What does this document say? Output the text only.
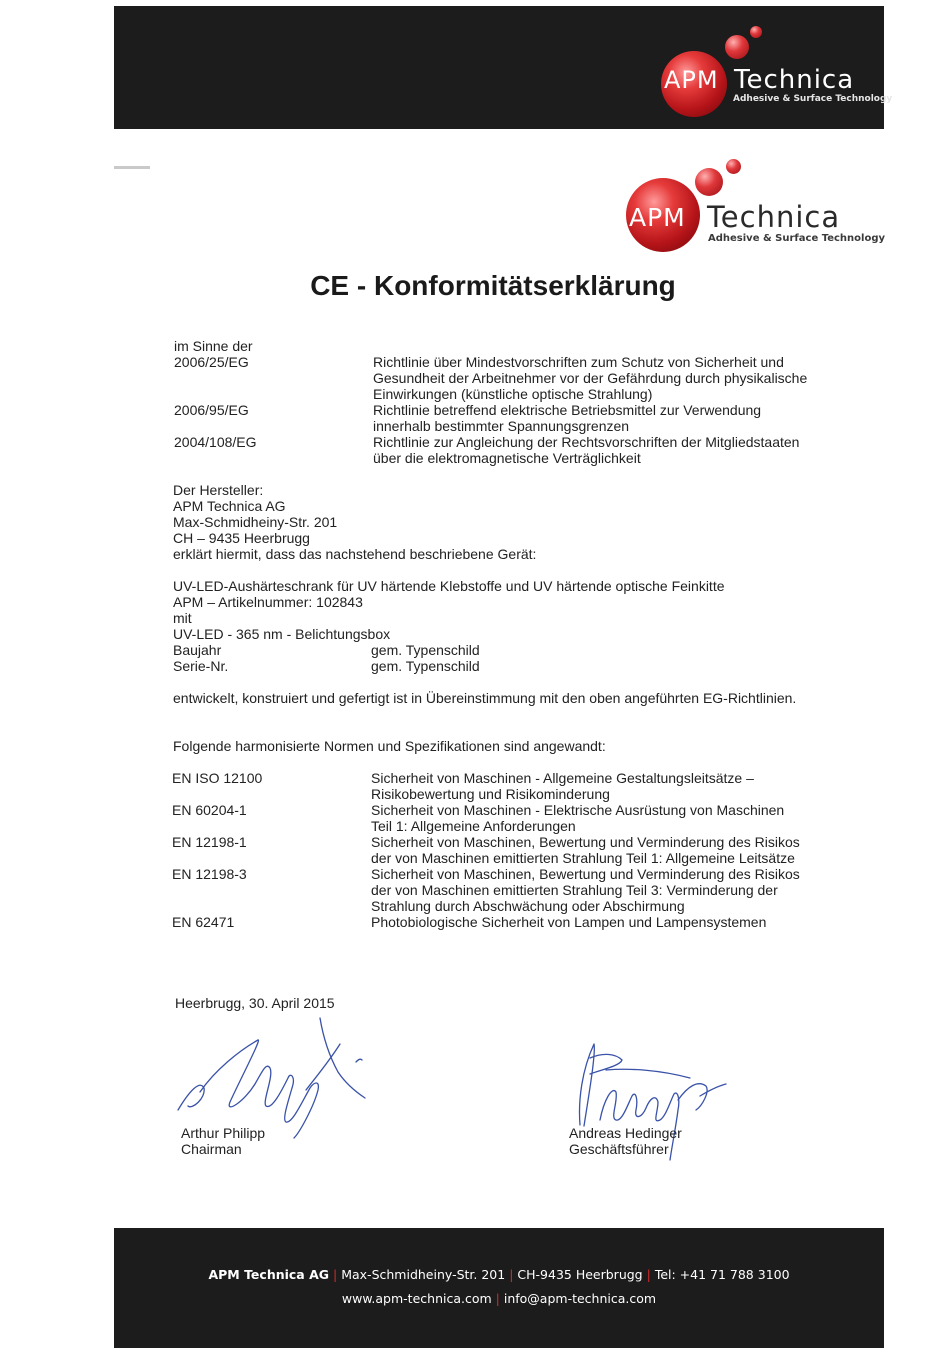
APM Technica
Adhesive & Surface Technology
APM Technica
Adhesive & Surface Technology
CE - Konformitätserklärung
im Sinne der
2006/25/EG	Richtlinie über Mindestvorschriften zum Schutz von Sicherheit und
Gesundheit der Arbeitnehmer vor der Gefährdung durch physikalische
Einwirkungen (künstliche optische Strahlung)
2006/95/EG	Richtlinie betreffend elektrische Betriebsmittel zur Verwendung
innerhalb bestimmter Spannungsgrenzen
2004/108/EG	Richtlinie zur Angleichung der Rechtsvorschriften der Mitgliedstaaten
über die elektromagnetische Verträglichkeit
Der Hersteller:
APM Technica AG
Max-Schmidheiny-Str. 201
CH – 9435 Heerbrugg
erklärt hiermit, dass das nachstehend beschriebene Gerät:
UV-LED-Aushärteschrank für UV härtende Klebstoffe und UV härtende optische Feinkitte
APM – Artikelnummer: 102843
mit
UV-LED - 365 nm - Belichtungsbox
Baujahr	gem. Typenschild
Serie-Nr.	gem. Typenschild
entwickelt, konstruiert und gefertigt ist in Übereinstimmung mit den oben angeführten EG-Richtlinien.
Folgende harmonisierte Normen und Spezifikationen sind angewandt:
EN ISO 12100	Sicherheit von Maschinen - Allgemeine Gestaltungsleitsätze –
Risikobewertung und Risikominderung
EN 60204-1	Sicherheit von Maschinen - Elektrische Ausrüstung von Maschinen
Teil 1: Allgemeine Anforderungen
EN 12198-1	Sicherheit von Maschinen, Bewertung und Verminderung des Risikos
der von Maschinen emittierten Strahlung Teil 1: Allgemeine Leitsätze
EN 12198-3	Sicherheit von Maschinen, Bewertung und Verminderung des Risikos
der von Maschinen emittierten Strahlung Teil 3: Verminderung der
Strahlung durch Abschwächung oder Abschirmung
EN 62471	Photobiologische Sicherheit von Lampen und Lampensystemen
Heerbrugg, 30. April 2015
Arthur Philipp
Chairman
Andreas Hedinger
Geschäftsführer
APM Technica AG | Max-Schmidheiny-Str. 201 | CH-9435 Heerbrugg | Tel: +41 71 788 3100
www.apm-technica.com | info@apm-technica.com
